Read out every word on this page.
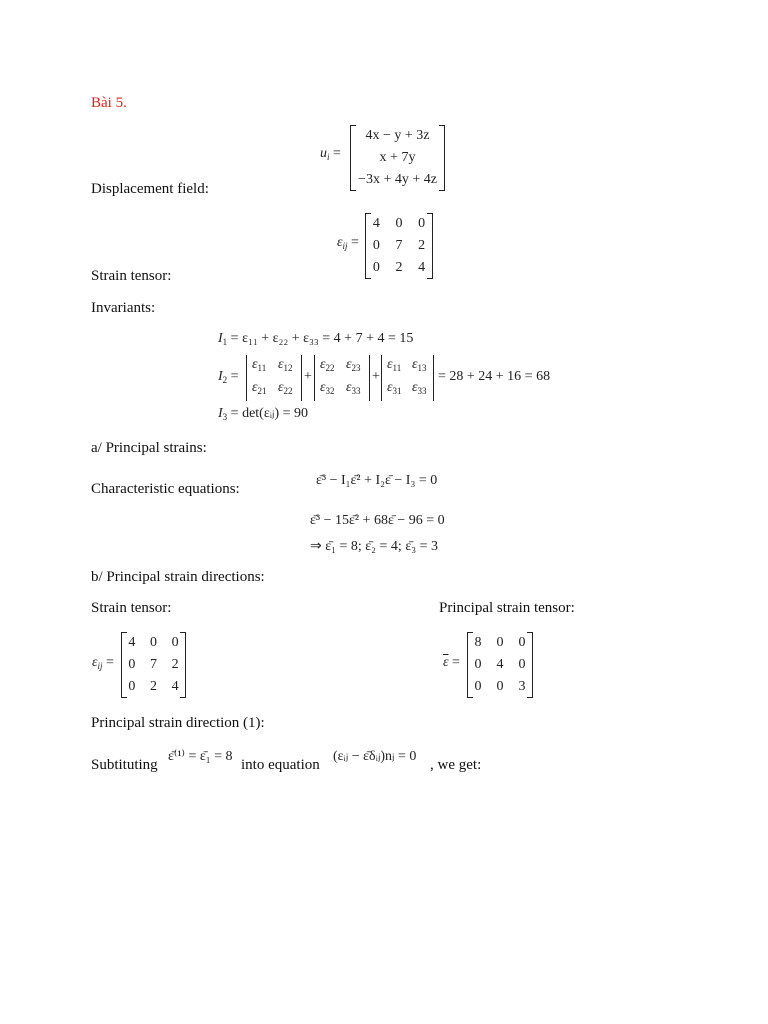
Bài 5.
Displacement field:
$u_i$ =
4x − y + 3z
x + 7y
−3x + 4y + 4z
Strain tensor:
$\varepsilon_{ij}$ =
4	0	0
0	7	2
0	2	4
Invariants:
$I_1 = \varepsilon_{11} + \varepsilon_{22} + \varepsilon_{33} = 4 + 7 + 4 = 15$
$I_2$ =
$\varepsilon_{11}$ $\varepsilon_{12}$
$\varepsilon_{21}$ $\varepsilon_{22}$
+
$\varepsilon_{22}$ $\varepsilon_{23}$
$\varepsilon_{32}$ $\varepsilon_{33}$
+
$\varepsilon_{11}$ $\varepsilon_{13}$
$\varepsilon_{31}$ $\varepsilon_{33}$
= 28 + 24 + 16 = 68
$I_3$ = det(εᵢⱼ) = 90
a/ Principal strains:
Characteristic equations:
ε̄³ − I₁ε̄² + I₂ε̄ − I₃ = 0
ε̄³ − 15ε̄² + 68ε̄ − 96 = 0
⇒ ε̄₁ = 8; ε̄₂ = 4; ε̄₃ = 3
b/ Principal strain directions:
Strain tensor:	Principal strain tensor:
$\varepsilon_{ij}$ =
4	0	0
0	7	2
0	2	4
$\overline{\varepsilon}$ =
8	0	0
0	4	0
0	0	3
Principal strain direction (1):
Subtituting
ε̄⁽¹⁾ = ε̄₁ = 8
into equation
(εᵢⱼ − ε̄δᵢⱼ)nⱼ = 0
, we get:
